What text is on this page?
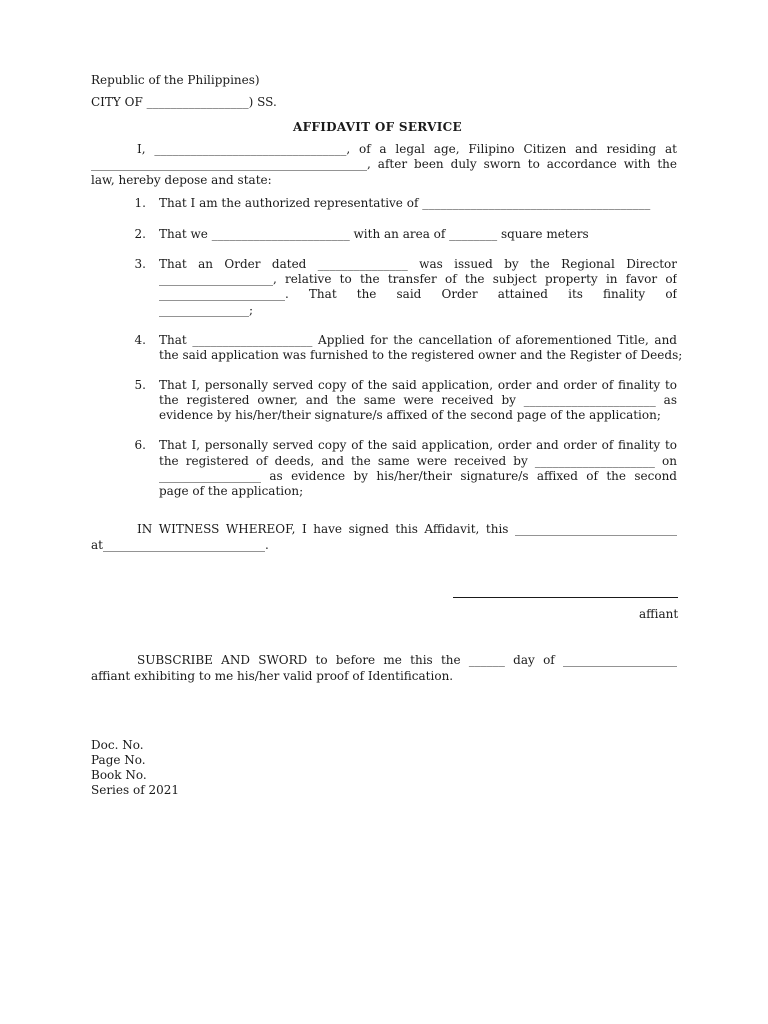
Republic of the Philippines)

CITY OF _________________) SS.

AFFIDAVIT OF SERVICE

I, ________________________________, of a legal age, Filipino Citizen and residing at

______________________________________________, after been duly sworn to accordance with the

law, hereby depose and state:

1. That I am the authorized representative of ______________________________________

2. That we _______________________ with an area of ________ square meters

3. That an Order dated _______________ was issued by the Regional Director

___________________, relative to the transfer of the subject property in favor of

_____________________. That the said Order attained its finality of

_______________;

4. That ____________________ Applied for the cancellation of aforementioned Title, and

the said application was furnished to the registered owner and the Register of Deeds;

5. That I, personally served copy of the said application, order and order of finality to

the registered owner, and the same were received by ______________________ as

evidence by his/her/their signature/s affixed of the second page of the application;

6. That I, personally served copy of the said application, order and order of finality to

the registered of deeds, and the same were received by ____________________ on

_________________ as evidence by his/her/their signature/s affixed of the second

page of the application;

IN WITNESS WHEREOF, I have signed this Affidavit, this ___________________________

at___________________________.

affiant

SUBSCRIBE AND SWORD to before me this the ______ day of ___________________

affiant exhibiting to me his/her valid proof of Identification.

Doc. No.

Page No.

Book No.

Series of 2021
